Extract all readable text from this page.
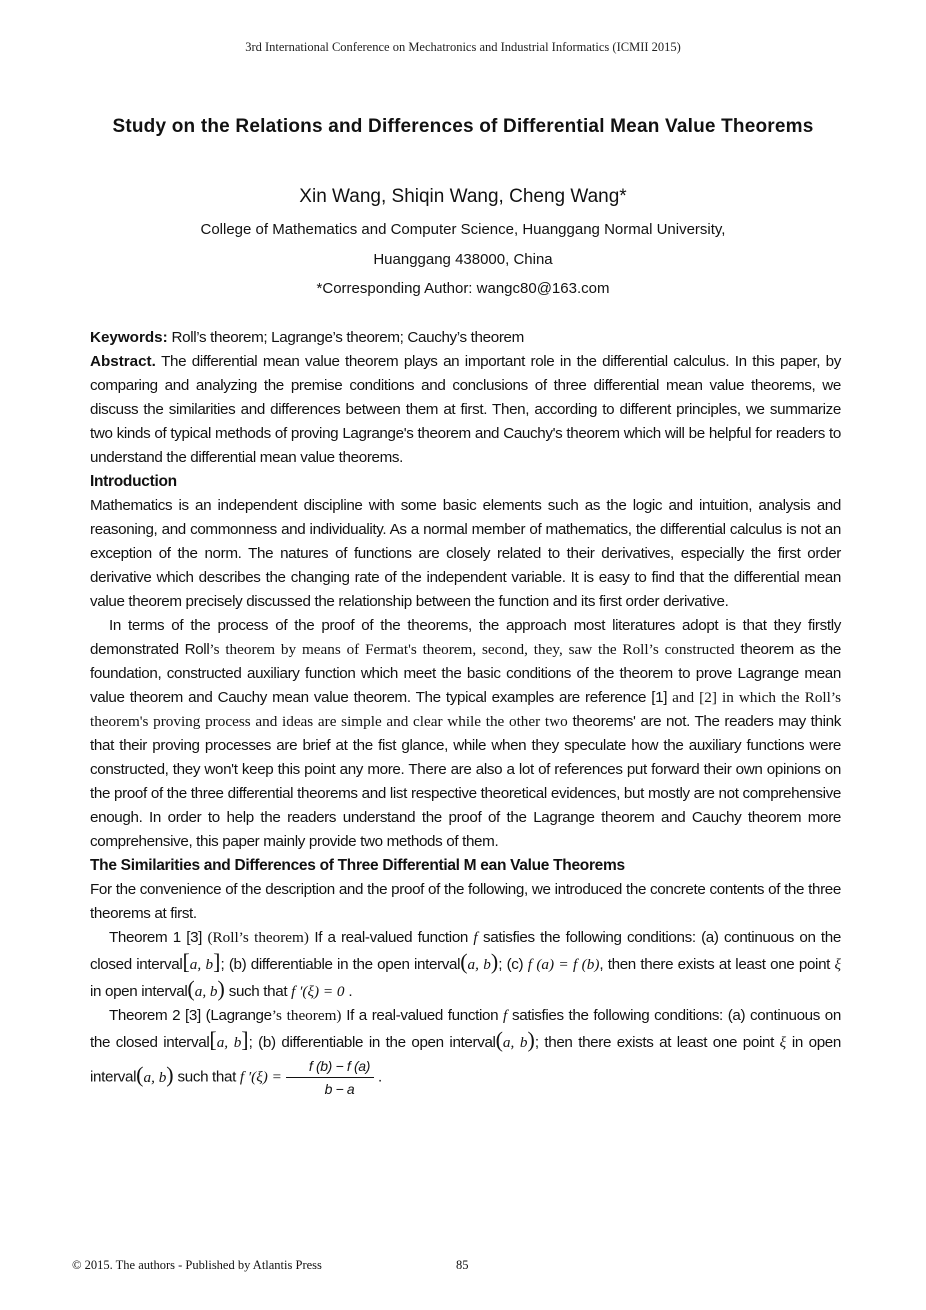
3rd International Conference on Mechatronics and Industrial Informatics (ICMII 2015)
Study on the Relations and Differences of Differential Mean Value Theorems
Xin Wang, Shiqin Wang, Cheng Wang*
College of Mathematics and Computer Science, Huanggang Normal University,
Huanggang 438000, China
*Corresponding Author: wangc80@163.com

Keywords: Roll’s theorem; Lagrange’s theorem; Cauchy’s theorem

Abstract. The differential mean value theorem plays an important role in the differential calculus. In this paper, by comparing and analyzing the premise conditions and conclusions of three differential mean value theorems, we discuss the similarities and differences between them at first. Then, according to different principles, we summarize two kinds of typical methods of proving Lagrange's theorem and Cauchy's theorem which will be helpful for readers to understand the differential mean value theorems.

Introduction

Mathematics is an independent discipline with some basic elements such as the logic and intuition, analysis and reasoning, and commonness and individuality. As a normal member of mathematics, the differential calculus is not an exception of the norm. The natures of functions are closely related to their derivatives, especially the first order derivative which describes the changing rate of the independent variable. It is easy to find that the differential mean value theorem precisely discussed the relationship between the function and its first order derivative.

In terms of the process of the proof of the theorems, the approach most literatures adopt is that they firstly demonstrated Roll’s theorem by means of Fermat's theorem, second, they, saw the Roll’s constructed theorem as the foundation, constructed auxiliary function which meet the basic conditions of the theorem to prove Lagrange mean value theorem and Cauchy mean value theorem. The typical examples are reference [1] and [2] in which the Roll’s theorem's proving process and ideas are simple and clear while the other two theorems' are not. The readers may think that their proving processes are brief at the fist glance, while when they speculate how the auxiliary functions were constructed, they won't keep this point any more. There are also a lot of references put forward their own opinions on the proof of the three differential theorems and list respective theoretical evidences, but mostly are not comprehensive enough. In order to help the readers understand the proof of the Lagrange theorem and Cauchy theorem more comprehensive, this paper mainly provide two methods of them.

The Similarities and Differences of Three Differential M ean Value Theorems

For the convenience of the description and the proof of the following, we introduced the concrete contents of the three theorems at first.

Theorem 1 [3] (Roll’s theorem) If a real-valued function f satisfies the following conditions: (a) continuous on the closed interval[a, b]; (b) differentiable in the open interval(a, b); (c) f (a) = f (b), then there exists at least one point ξ in open interval(a, b) such that f ′(ξ) = 0 .

Theorem 2 [3] (Lagrange’s theorem) If a real-valued function f satisfies the following conditions: (a) continuous on the closed interval[a, b]; (b) differentiable in the open interval(a, b); then there exists at least one point ξ in open interval(a, b) such that f $'(\xi) = \frac{f (b) - f (a)}{b - a}$ .

© 2015. The authors - Published by Atlantis Press	85
